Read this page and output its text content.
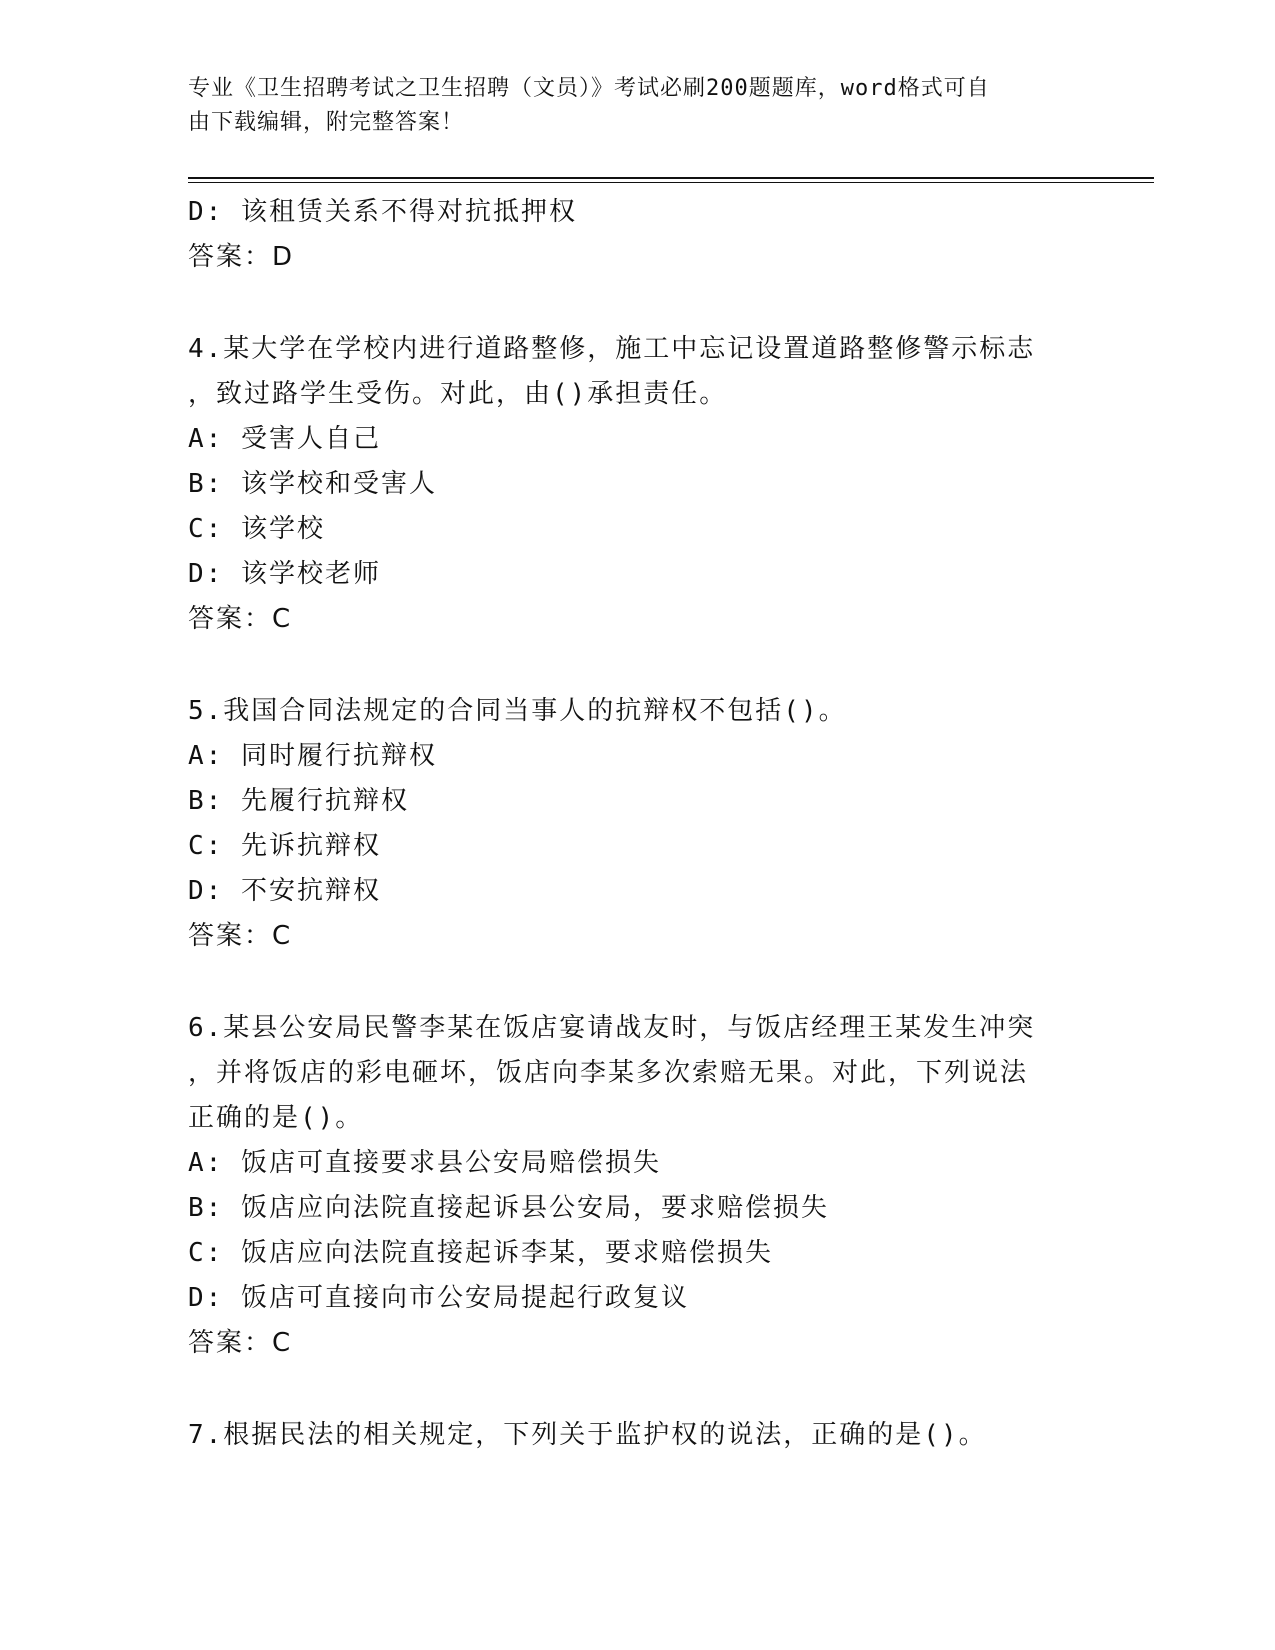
专业《卫生招聘考试之卫生招聘（文员）》考试必刷200题题库，word格式可自
由下载编辑，附完整答案！
D: 该租赁关系不得对抗抵押权
答案：D
4.某大学在学校内进行道路整修，施工中忘记设置道路整修警示标志
，致过路学生受伤。对此，由()承担责任。
A: 受害人自己
B: 该学校和受害人
C: 该学校
D: 该学校老师
答案：C
5.我国合同法规定的合同当事人的抗辩权不包括()。
A: 同时履行抗辩权
B: 先履行抗辩权
C: 先诉抗辩权
D: 不安抗辩权
答案：C
6.某县公安局民警李某在饭店宴请战友时，与饭店经理王某发生冲突
，并将饭店的彩电砸坏，饭店向李某多次索赔无果。对此，下列说法
正确的是()。
A: 饭店可直接要求县公安局赔偿损失
B: 饭店应向法院直接起诉县公安局，要求赔偿损失
C: 饭店应向法院直接起诉李某，要求赔偿损失
D: 饭店可直接向市公安局提起行政复议
答案：C
7.根据民法的相关规定，下列关于监护权的说法，正确的是()。
